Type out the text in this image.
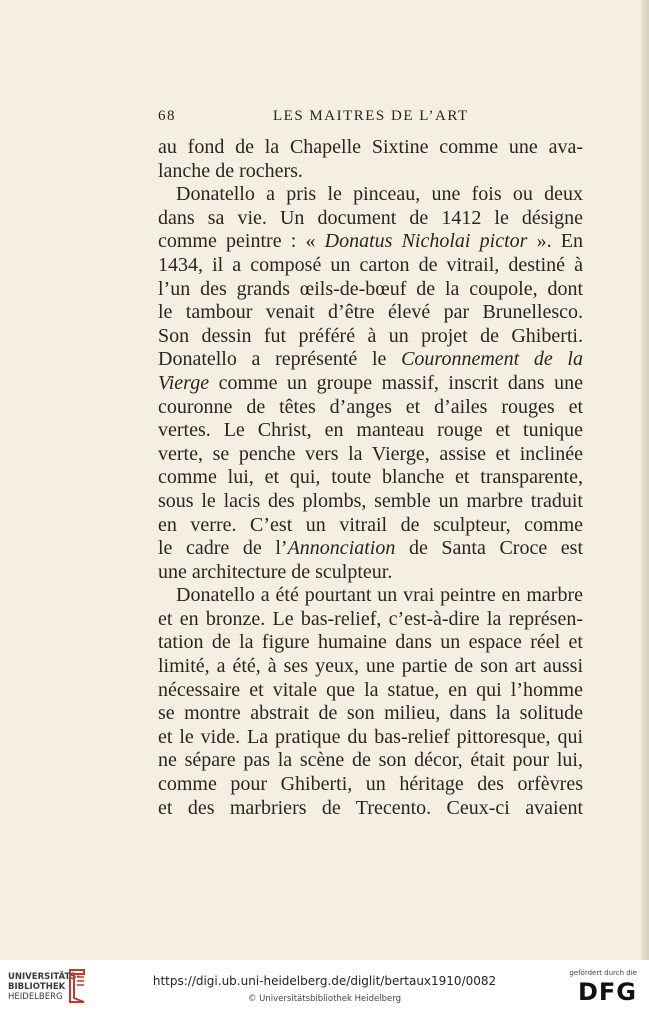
68	LES MAITRES DE L’ART
au fond de la Chapelle Sixtine comme une ava-
lanche de rochers.
Donatello a pris le pinceau, une fois ou deux
dans sa vie. Un document de 1412 le désigne
comme peintre : « Donatus Nicholai pictor ». En
1434, il a composé un carton de vitrail, destiné à
l’un des grands œils-de-bœuf de la coupole, dont
le tambour venait d’être élevé par Brunellesco.
Son dessin fut préféré à un projet de Ghiberti.
Donatello a représenté le Couronnement de la
Vierge comme un groupe massif, inscrit dans une
couronne de têtes d’anges et d’ailes rouges et
vertes. Le Christ, en manteau rouge et tunique
verte, se penche vers la Vierge, assise et inclinée
comme lui, et qui, toute blanche et transparente,
sous le lacis des plombs, semble un marbre traduit
en verre. C’est un vitrail de sculpteur, comme
le cadre de l’Annonciation de Santa Croce est
une architecture de sculpteur.
Donatello a été pourtant un vrai peintre en marbre
et en bronze. Le bas-relief, c’est-à-dire la représen-
tation de la figure humaine dans un espace réel et
limité, a été, à ses yeux, une partie de son art aussi
nécessaire et vitale que la statue, en qui l’homme
se montre abstrait de son milieu, dans la solitude
et le vide. La pratique du bas-relief pittoresque, qui
ne sépare pas la scène de son décor, était pour lui,
comme pour Ghiberti, un héritage des orfèvres
et des marbriers de Trecento. Ceux-ci avaient
UNIVERSITÄTS-
BIBLIOTHEK
HEIDELBERG
https://digi.ub.uni-heidelberg.de/diglit/bertaux1910/0082
© Universitätsbibliothek Heidelberg
gefördert durch die
DFG
